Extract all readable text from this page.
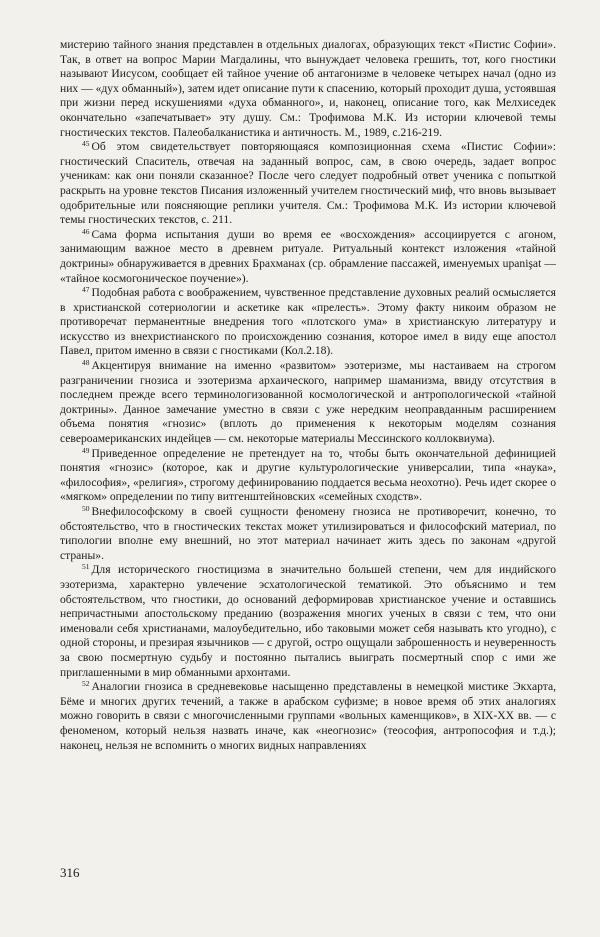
мистерию тайного знания представлен в отдельных диалогах, образующих текст «Пистис Софии». Так, в ответ на вопрос Марии Магдалины, что вынуждает человека грешить, тот, кого гностики называют Иисусом, сообщает ей тайное учение об антагонизме в человеке четырех начал (одно из них — «дух обманный»), затем идет описание пути к спасению, который проходит душа, устоявшая при жизни перед искушениями «духа обманного», и, наконец, описание того, как Мелхиседек окончательно «запечатывает» эту душу. См.: Трофимова М.К. Из истории ключевой темы гностических текстов. Палеобалканистика и античность. М., 1989, с.216-219.

$^{45}$ Об этом свидетельствует повторяющаяся композиционная схема «Пистис Софии»: гностический Спаситель, отвечая на заданный вопрос, сам, в свою очередь, задает вопрос ученикам: как они поняли сказанное? После чего следует подробный ответ ученика с попыткой раскрыть на уровне текстов Писания изложенный учителем гностический миф, что вновь вызывает одобрительные или поясняющие реплики учителя. См.: Трофимова М.К. Из истории ключевой темы гностических текстов, с. 211.

$^{46}$ Сама форма испытания души во время ее «восхождения» ассоциируется с агоном, занимающим важное место в древнем ритуале. Ритуальный контекст изложения «тайной доктрины» обнаруживается в древних Брахманах (ср. обрамление пассажей, именуемых upanişat — «тайное космогоническое поучение»).

$^{47}$ Подобная работа с воображением, чувственное представление духовных реалий осмысляется в христианской сотериологии и аскетике как «прелесть». Этому факту никоим образом не противоречат перманентные внедрения того «плотского ума» в христианскую литературу и искусство из внехристианского по происхождению сознания, которое имел в виду еще апостол Павел, притом именно в связи с гностиками (Кол.2.18).

$^{48}$ Акцентируя внимание на именно «развитом» эзотеризме, мы настаиваем на строгом разграничении гнозиса и эзотеризма архаического, например шаманизма, ввиду отсутствия в последнем прежде всего терминологизованной космологической и антропологической «тайной доктрины». Данное замечание уместно в связи с уже нередким неоправданным расширением объема понятия «гнозис» (вплоть до применения к некоторым моделям сознания североамериканских индейцев — см. некоторые материалы Мессинского коллоквиума).

$^{49}$ Приведенное определение не претендует на то, чтобы быть окончательной дефиницией понятия «гнозис» (которое, как и другие культурологические универсалии, типа «наука», «философия», «религия», строгому дефинированию поддается весьма неохотно). Речь идет скорее о «мягком» определении по типу витгенштейновских «семейных сходств».

$^{50}$ Внефилософскому в своей сущности феномену гнозиса не противоречит, конечно, то обстоятельство, что в гностических текстах может утилизироваться и философский материал, по типологии вполне ему внешний, но этот материал начинает жить здесь по законам «другой страны».

$^{51}$ Для исторического гностицизма в значительно большей степени, чем для индийского эзотеризма, характерно увлечение эсхатологической тематикой. Это объяснимо и тем обстоятельством, что гностики, до оснований деформировав христианское учение и оставшись непричастными апостольскому преданию (возражения многих ученых в связи с тем, что они именовали себя христианами, малоубедительно, ибо таковыми может себя называть кто угодно), с одной стороны, и презирая язычников — с другой, остро ощущали заброшенность и неуверенность за свою посмертную судьбу и постоянно пытались выиграть посмертный спор с ими же приглашенными в мир обманными архонтами.

$^{52}$ Аналогии гнозиса в средневековье насыщенно представлены в немецкой мистике Экхарта, Бёме и многих других течений, а также в арабском суфизме; в новое время об этих аналогиях можно говорить в связи с многочисленными группами «вольных каменщиков», в XIX-XX вв. — с феноменом, который нельзя назвать иначе, как «неогнозис» (теософия, антропософия и т.д.); наконец, нельзя не вспомнить о многих видных направлениях

316
